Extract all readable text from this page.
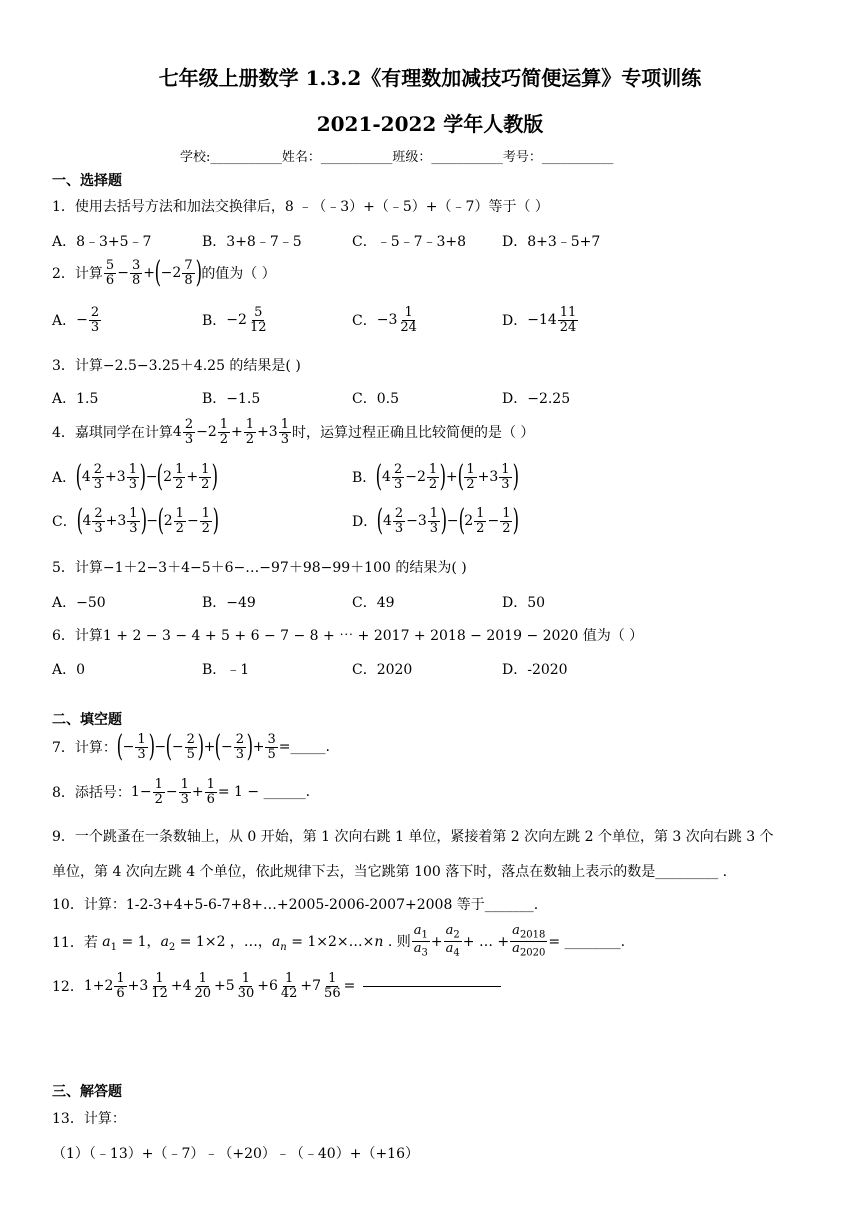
七年级上册数学 1.3.2《有理数加减技巧简便运算》专项训练
2021-2022 学年人教版
学校:___________姓名：___________班级：___________考号：___________
一、选择题
1．使用去括号方法和加法交换律后，8 ﹣（﹣3）+（﹣5）+（﹣7）等于（ ）
A．8﹣3+5﹣7	B．3+8﹣7﹣5	C．﹣5﹣7﹣3+8	D．8+3﹣5+7
2．计算 $\frac{5}{6} - \frac{3}{8}$ + ( $-2 \frac{7}{8}$ ) 的值为（ ）
A． − $\frac{2}{3}$	B． $-2 \frac{5}{12}$	C． $-3 \frac{1}{24}$	D． $-14 \frac{11}{24}$
3．计算−2.5−3.25＋4.25 的结果是( )
A．1.5	B．−1.5	C．0.5	D．−2.25
4．嘉琪同学在计算 $4 \frac{2}{3} -2 \frac{1}{2} + \frac{1}{2} +3 \frac{1}{3}$ 时，运算过程正确且比较简便的是（ ）
A． ( $4 \frac{2}{3} +3 \frac{1}{3}$ ) − ( $2 \frac{1}{2} + \frac{1}{2}$ )	B． ( $4 \frac{2}{3} -2 \frac{1}{2}$ ) + ( $\frac{1}{2} +3 \frac{1}{3}$ )
C． ( $4 \frac{2}{3} +3 \frac{1}{3}$ ) − ( $2 \frac{1}{2} - \frac{1}{2}$ )	D． ( $4 \frac{2}{3} -3 \frac{1}{3}$ ) − ( $2 \frac{1}{2} - \frac{1}{2}$ )
5．计算−1＋2−3＋4−5＋6−…−97＋98−99＋100 的结果为( )
A．−50	B．−49	C．49	D．50
6．计算1 + 2 − 3 − 4 + 5 + 6 − 7 − 8 + ⋯ + 2017 + 2018 − 2019 − 2020 值为（ ）
A．0	B．﹣1	C．2020	D．-2020
二、填空题
7．计算： ( − $\frac{1}{3}$ ) − ( − $\frac{2}{5}$ ) + ( − $\frac{2}{3}$ ) + $\frac{3}{5}$ =_____.
8．添括号： $1- \frac{1}{2} - \frac{1}{3} + \frac{1}{6} = 1$ − ______.
9．一个跳蚤在一条数轴上，从 0 开始，第 1 次向右跳 1 单位，紧接着第 2 次向左跳 2 个单位，第 3 次向右跳 3 个
单位，第 4 次向左跳 4 个单位，依此规律下去，当它跳第 100 落下时，落点在数轴上表示的数是_________ .
10．计算：1-2-3+4+5-6-7+8+…+2005-2006-2007+2008 等于_______.
11．若 $a_1 = 1$，$a_2 = 1\times 2$ ，…，$a_n$ = 1×2×…×n . 则 $\frac{a_1}{a_3} + \frac{a_2}{a_4}$ + … + $\frac{a_{2018}}{a_{2020}}$ = ________.
12． $1+2 \frac{1}{6} +3 \frac{1}{12} +4 \frac{1}{20} +5 \frac{1}{30} +6 \frac{1}{42} +7 \frac{1}{56}$ =
三、解答题
13．计算：
（1）（﹣13）+（﹣7）﹣（+20）﹣（﹣40）+（+16）
